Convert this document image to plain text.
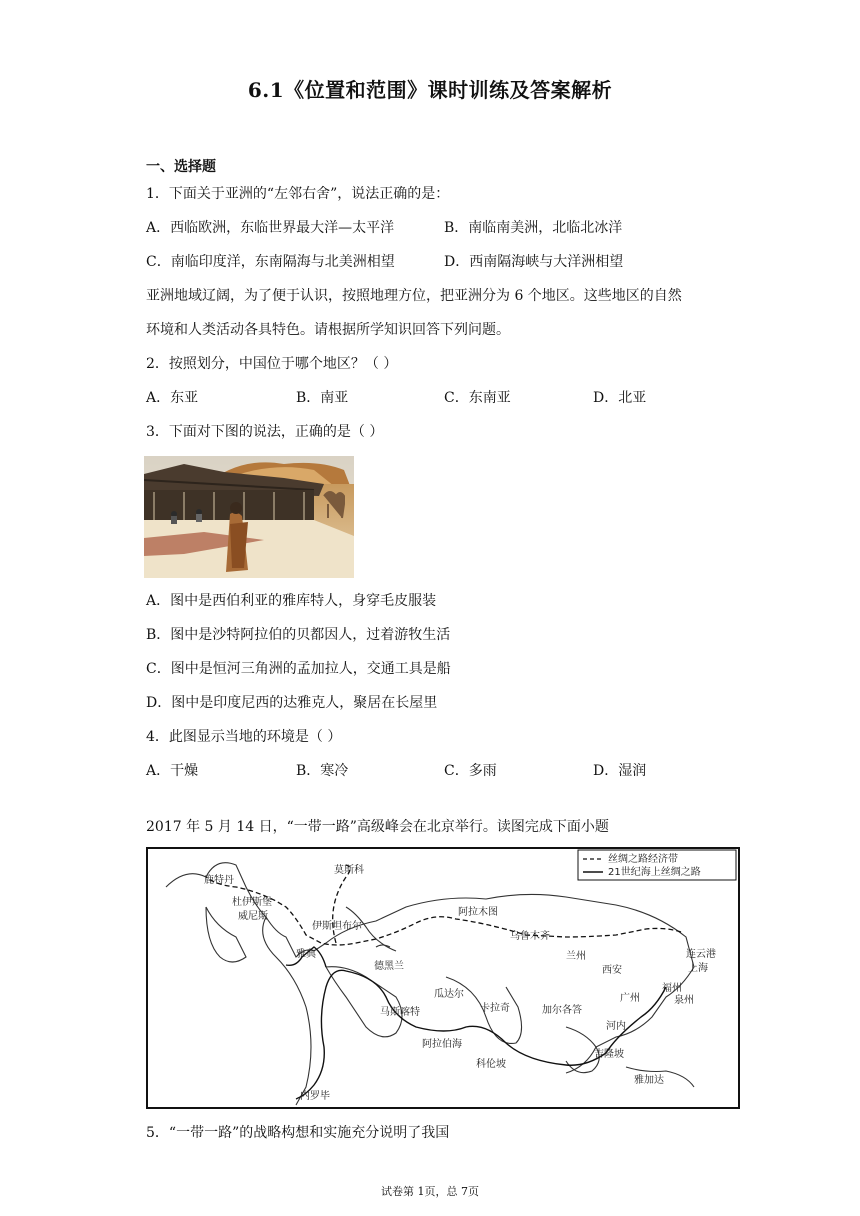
6.1《位置和范围》课时训练及答案解析
一、选择题
1．下面关于亚洲的“左邻右舍”，说法正确的是：
A．西临欧洲，东临世界最大洋—太平洋	B．南临南美洲，北临北冰洋
C．南临印度洋，东南隔海与北美洲相望	D．西南隔海峡与大洋洲相望
亚洲地域辽阔，为了便于认识，按照地理方位，把亚洲分为 6 个地区。这些地区的自然
环境和人类活动各具特色。请根据所学知识回答下列问题。
2．按照划分，中国位于哪个地区？（ ）
A．东亚	B．南亚	C．东南亚	D．北亚
3．下面对下图的说法，正确的是（ ）
A．图中是西伯利亚的雅库特人，身穿毛皮服装
B．图中是沙特阿拉伯的贝都因人，过着游牧生活
C．图中是恒河三角洲的孟加拉人，交通工具是船
D．图中是印度尼西的达雅克人，聚居在长屋里
4．此图显示当地的环境是（ ）
A．干燥	B．寒冷	C．多雨	D．湿润
2017 年 5 月 14 日，“一带一路”高级峰会在北京举行。读图完成下面小题
丝绸之路经济带
21世纪海上丝绸之路
莫斯科
鹿特丹
杜伊斯堡
威尼斯
伊斯坦布尔
阿拉木图
乌鲁木齐
兰州
西安
连云港
上海
福州
泉州
广州
河内
雅典
德黑兰
瓜达尔
马斯喀特	卡拉奇	加尔各答
阿拉伯海
科伦坡
吉隆坡
雅加达
内罗毕
5．“一带一路”的战略构想和实施充分说明了我国
试卷第 1页，总 7页
